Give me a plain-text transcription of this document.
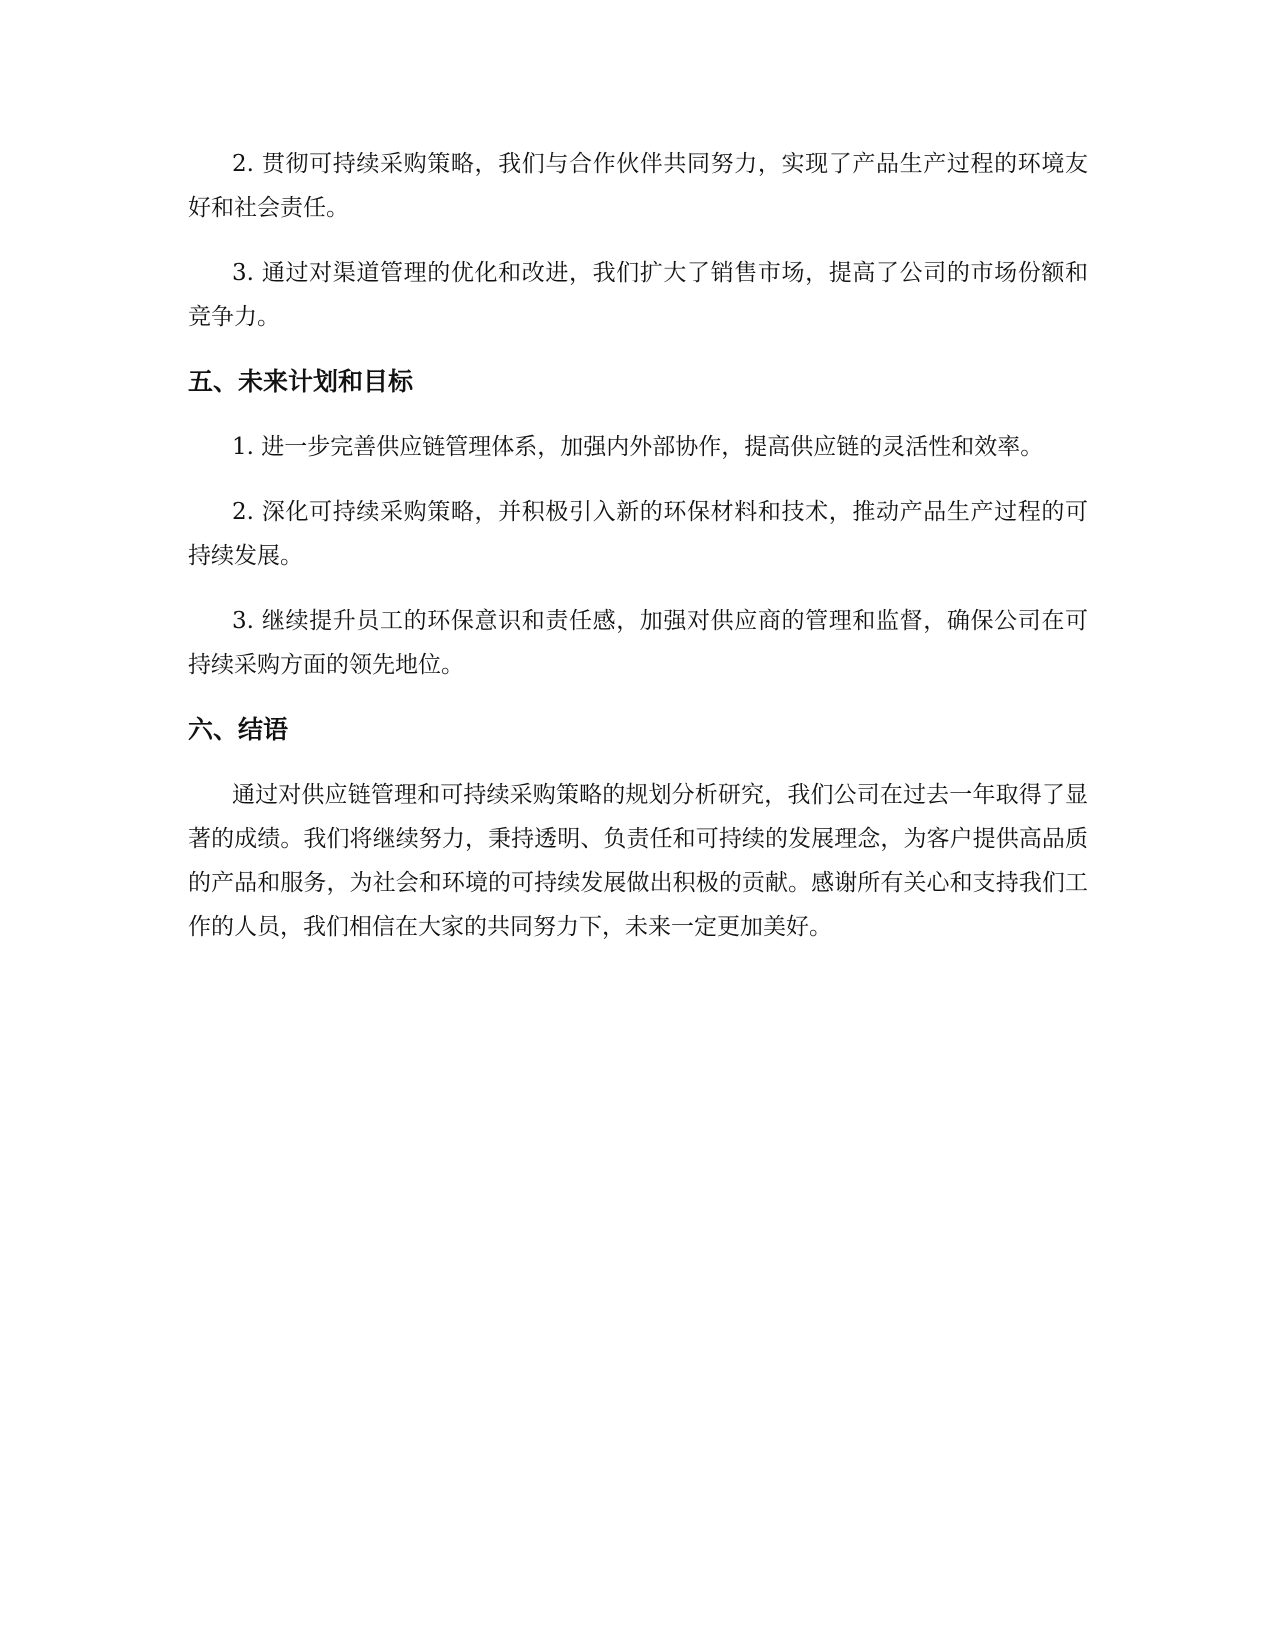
2. 贯彻可持续采购策略，我们与合作伙伴共同努力，实现了产品生产过程的环境友好和社会责任。

3. 通过对渠道管理的优化和改进，我们扩大了销售市场，提高了公司的市场份额和竞争力。

五、未来计划和目标

1. 进一步完善供应链管理体系，加强内外部协作，提高供应链的灵活性和效率。

2. 深化可持续采购策略，并积极引入新的环保材料和技术，推动产品生产过程的可持续发展。

3. 继续提升员工的环保意识和责任感，加强对供应商的管理和监督，确保公司在可持续采购方面的领先地位。

六、结语

通过对供应链管理和可持续采购策略的规划分析研究，我们公司在过去一年取得了显著的成绩。我们将继续努力，秉持透明、负责任和可持续的发展理念，为客户提供高品质的产品和服务，为社会和环境的可持续发展做出积极的贡献。感谢所有关心和支持我们工作的人员，我们相信在大家的共同努力下，未来一定更加美好。
